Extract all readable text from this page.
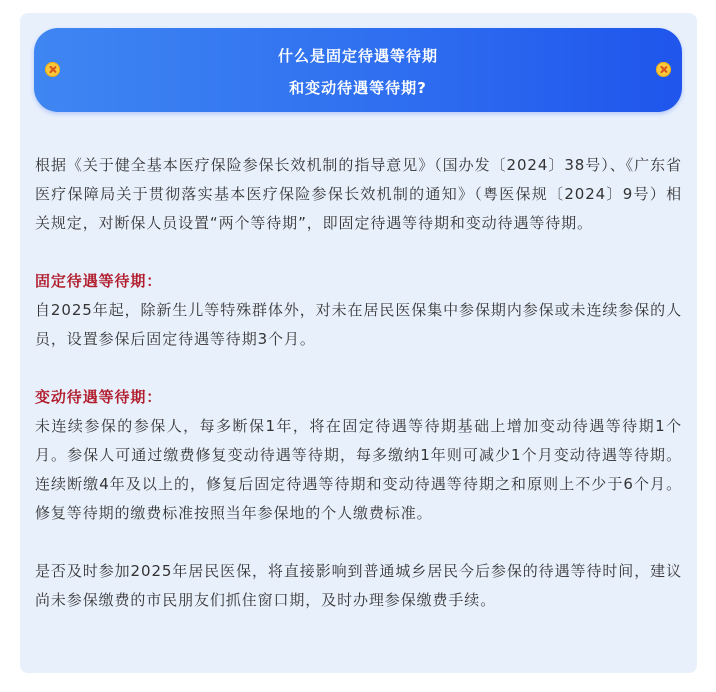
什么是固定待遇等待期
和变动待遇等待期?

根据《关于健全基本医疗保险参保长效机制的指导意见》（国办发〔2024〕38号）、《广东省医疗保障局关于贯彻落实基本医疗保险参保长效机制的通知》（粤医保规〔2024〕9号）相关规定，对断保人员设置“两个等待期”，即固定待遇等待期和变动待遇等待期。

固定待遇等待期：

自2025年起，除新生儿等特殊群体外，对未在居民医保集中参保期内参保或未连续参保的人员，设置参保后固定待遇等待期3个月。

变动待遇等待期：

未连续参保的参保人，每多断保1年，将在固定待遇等待期基础上增加变动待遇等待期1个月。参保人可通过缴费修复变动待遇等待期，每多缴纳1年则可减少1个月变动待遇等待期。连续断缴4年及以上的，修复后固定待遇等待期和变动待遇等待期之和原则上不少于6个月。修复等待期的缴费标准按照当年参保地的个人缴费标准。

是否及时参加2025年居民医保，将直接影响到普通城乡居民今后参保的待遇等待时间，建议尚未参保缴费的市民朋友们抓住窗口期，及时办理参保缴费手续。
